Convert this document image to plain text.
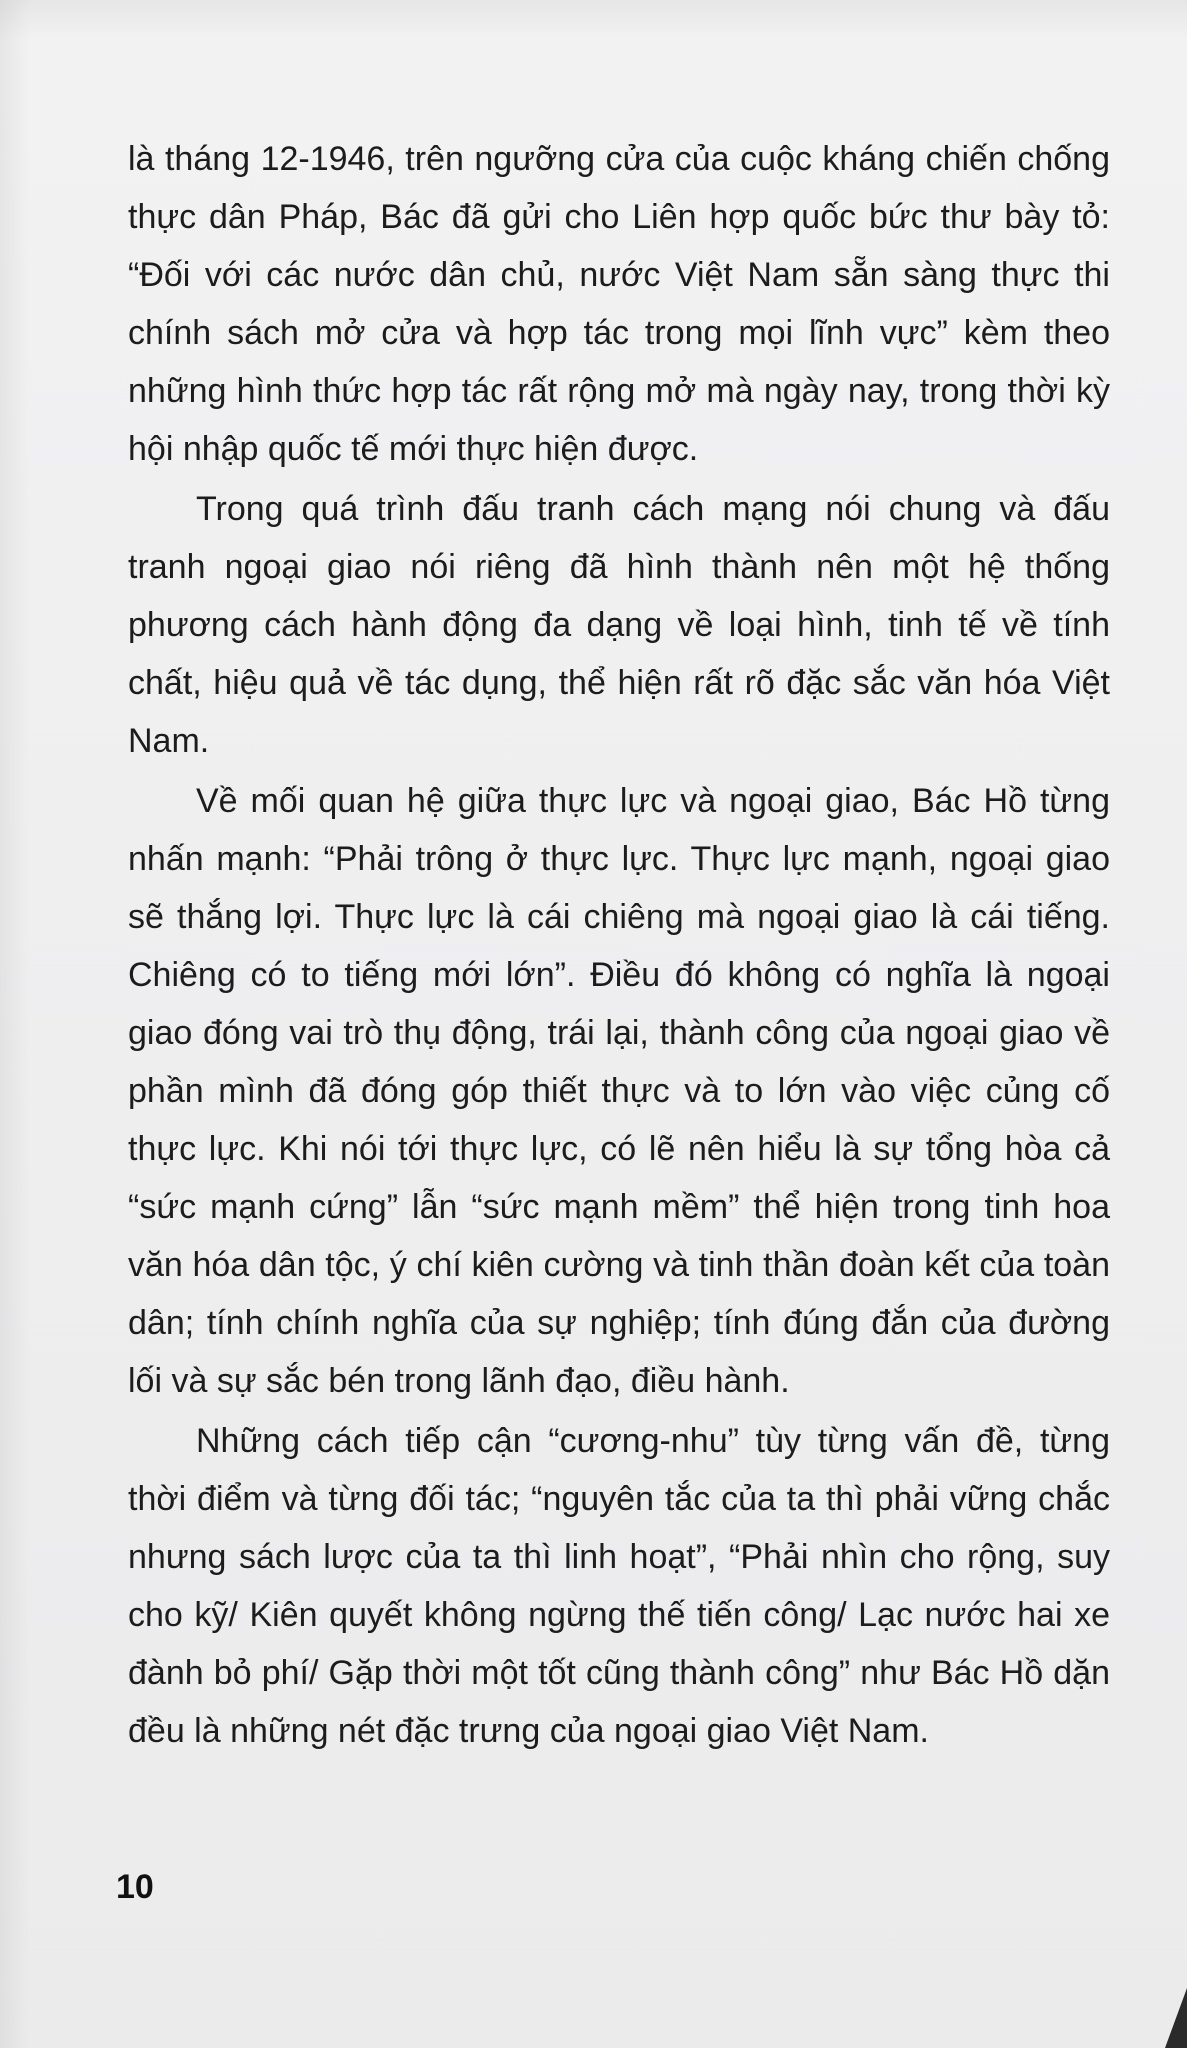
là tháng 12-1946, trên ngưỡng cửa của cuộc kháng chiến chống thực dân Pháp, Bác đã gửi cho Liên hợp quốc bức thư bày tỏ: “Đối với các nước dân chủ, nước Việt Nam sẵn sàng thực thi chính sách mở cửa và hợp tác trong mọi lĩnh vực” kèm theo những hình thức hợp tác rất rộng mở mà ngày nay, trong thời kỳ hội nhập quốc tế mới thực hiện được.

Trong quá trình đấu tranh cách mạng nói chung và đấu tranh ngoại giao nói riêng đã hình thành nên một hệ thống phương cách hành động đa dạng về loại hình, tinh tế về tính chất, hiệu quả về tác dụng, thể hiện rất rõ đặc sắc văn hóa Việt Nam.

Về mối quan hệ giữa thực lực và ngoại giao, Bác Hồ từng nhấn mạnh: “Phải trông ở thực lực. Thực lực mạnh, ngoại giao sẽ thắng lợi. Thực lực là cái chiêng mà ngoại giao là cái tiếng. Chiêng có to tiếng mới lớn”. Điều đó không có nghĩa là ngoại giao đóng vai trò thụ động, trái lại, thành công của ngoại giao về phần mình đã đóng góp thiết thực và to lớn vào việc củng cố thực lực. Khi nói tới thực lực, có lẽ nên hiểu là sự tổng hòa cả “sức mạnh cứng” lẫn “sức mạnh mềm” thể hiện trong tinh hoa văn hóa dân tộc, ý chí kiên cường và tinh thần đoàn kết của toàn dân; tính chính nghĩa của sự nghiệp; tính đúng đắn của đường lối và sự sắc bén trong lãnh đạo, điều hành.

Những cách tiếp cận “cương-nhu” tùy từng vấn đề, từng thời điểm và từng đối tác; “nguyên tắc của ta thì phải vững chắc nhưng sách lược của ta thì linh hoạt”, “Phải nhìn cho rộng, suy cho kỹ/ Kiên quyết không ngừng thế tiến công/ Lạc nước hai xe đành bỏ phí/ Gặp thời một tốt cũng thành công” như Bác Hồ dặn đều là những nét đặc trưng của ngoại giao Việt Nam.

10
